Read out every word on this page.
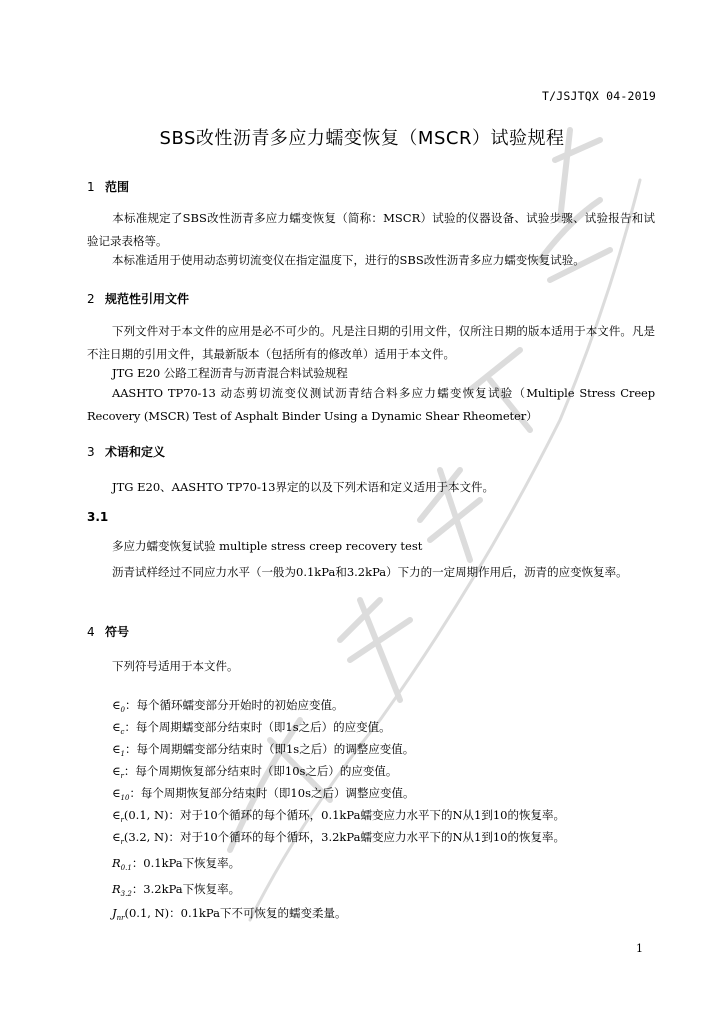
T/JSJTQX 04-2019
SBS改性沥青多应力蠕变恢复（MSCR）试验规程
1 范围
本标准规定了SBS改性沥青多应力蠕变恢复（简称：MSCR）试验的仪器设备、试验步骤、试验报告和试验记录表格等。
本标准适用于使用动态剪切流变仪在指定温度下，进行的SBS改性沥青多应力蠕变恢复试验。
2 规范性引用文件
下列文件对于本文件的应用是必不可少的。凡是注日期的引用文件，仅所注日期的版本适用于本文件。凡是不注日期的引用文件，其最新版本（包括所有的修改单）适用于本文件。
JTG E20 公路工程沥青与沥青混合料试验规程
AASHTO TP70-13 动态剪切流变仪测试沥青结合料多应力蠕变恢复试验（Multiple Stress Creep Recovery (MSCR) Test of Asphalt Binder Using a Dynamic Shear Rheometer）
3 术语和定义
JTG E20、AASHTO TP70-13界定的以及下列术语和定义适用于本文件。
3.1
多应力蠕变恢复试验 multiple stress creep recovery test
沥青试样经过不同应力水平（一般为0.1kPa和3.2kPa）下力的一定周期作用后，沥青的应变恢复率。
4 符号
下列符号适用于本文件。
$\in_0$：每个循环蠕变部分开始时的初始应变值。
$\in_c$：每个周期蠕变部分结束时（即1s之后）的应变值。
$\in_1$：每个周期蠕变部分结束时（即1s之后）的调整应变值。
$\in_r$：每个周期恢复部分结束时（即10s之后）的应变值。
$\in_{10}$：每个周期恢复部分结束时（即10s之后）调整应变值。
$\in_r(0.1$, N)：对于10个循环的每个循环，0.1kPa蠕变应力水平下的N从1到10的恢复率。
$\in_r(3.2$, N)：对于10个循环的每个循环，3.2kPa蠕变应力水平下的N从1到10的恢复率。
$R_{0.1}$：0.1kPa下恢复率。
$R_{3.2}$：3.2kPa下恢复率。
$J_{nr}(0.1$, N)：0.1kPa下不可恢复的蠕变柔量。
1
